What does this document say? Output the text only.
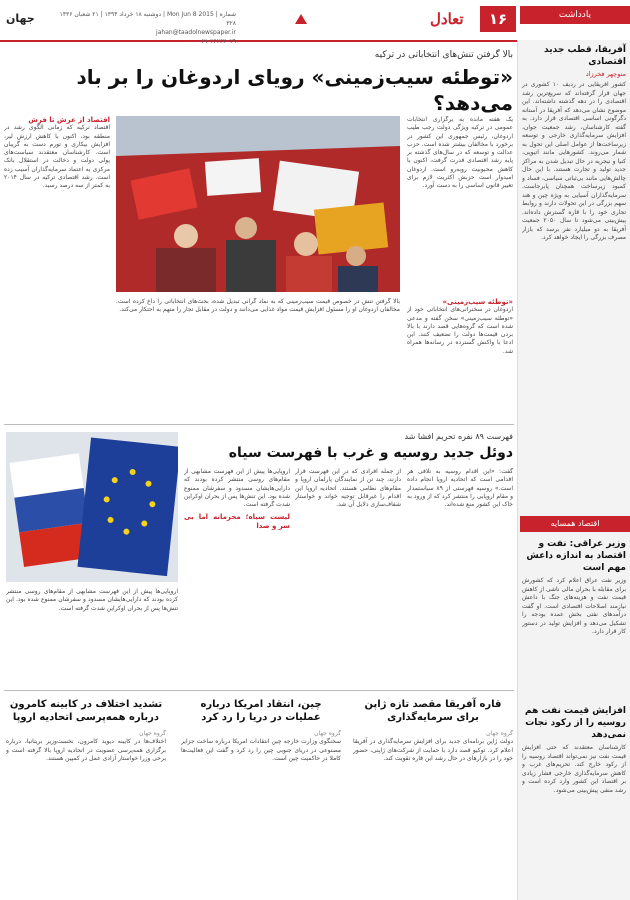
جهان	دوشنبه ۱۸ خرداد ۱۳۹۴ | ۲۱ شعبان ۱۴۳۶ | Mon Jun 8 2015 | شماره ۳۲۸
jahan@taadolnewspaper.ir
۰۲۱-۲۶۲۶۲۰۷۹
تعادل	۱۶	یادداشت
آفریقا، قطب جدید اقتصادی
منوچهر فخرزاد
کشور آفریقایی در ردیف ۱۰ کشوری در جهان قرار گرفته‌اند که سریع‌ترین رشد اقتصادی را در دهه گذشته داشته‌اند. این موضوع نشان می‌دهد که آفریقا در آستانه دگرگونی اساسی اقتصادی قرار دارد. به گفته کارشناسان، رشد جمعیت جوان، افزایش سرمایه‌گذاری خارجی و توسعه زیرساخت‌ها از عوامل اصلی این تحول به شمار می‌روند. کشورهایی مانند اتیوپی، کنیا و نیجریه در حال تبدیل شدن به مراکز جدید تولید و تجارت هستند. با این حال چالش‌هایی مانند بی‌ثباتی سیاسی، فساد و کمبود زیرساخت همچنان پابرجاست. سرمایه‌گذاران آسیایی به ویژه چین و هند سهم بزرگی در این تحولات دارند و روابط تجاری خود را با قاره گسترش داده‌اند. پیش‌بینی می‌شود تا سال ۲۰۵۰ جمعیت آفریقا به دو میلیارد نفر برسد که بازار مصرف بزرگی را ایجاد خواهد کرد.
اقتصاد همسایه
وزیر عراقی: نفت و اقتصاد به اندازه داعش مهم است
وزیر نفت عراق اعلام کرد که کشورش برای مقابله با بحران مالی ناشی از کاهش قیمت نفت و هزینه‌های جنگ با داعش نیازمند اصلاحات اقتصادی است. او گفت درآمدهای نفتی بخش عمده بودجه را تشکیل می‌دهد و افزایش تولید در دستور کار قرار دارد.
افزایش قیمت نفت هم روسیه را از رکود نجات نمی‌دهد
کارشناسان معتقدند که حتی افزایش قیمت نفت نیز نمی‌تواند اقتصاد روسیه را از رکود خارج کند. تحریم‌های غرب و کاهش سرمایه‌گذاری خارجی فشار زیادی بر اقتصاد این کشور وارد کرده است و رشد منفی پیش‌بینی می‌شود.
بالا گرفتن تنش‌های انتخاباتی در ترکیه
«توطئه سیب‌زمینی» رویای اردوغان را بر باد می‌دهد؟
یک هفته مانده به برگزاری انتخابات عمومی در ترکیه ویژگی دولت رجب طیب اردوغان، رئیس جمهوری این کشور در برخورد با مخالفان بیشتر شده است. حزب عدالت و توسعه که در سال‌های گذشته بر پایه رشد اقتصادی قدرت گرفت، اکنون با کاهش محبوبیت روبه‌رو است. اردوغان امیدوار است حزبش اکثریت لازم برای تغییر قانون اساسی را به دست آورد.
اقتصاد از عرش تا فرش
اقتصاد ترکیه که زمانی الگوی رشد در منطقه بود، اکنون با کاهش ارزش لیر، افزایش بیکاری و تورم دست به گریبان است. کارشناسان معتقدند سیاست‌های پولی دولت و دخالت در استقلال بانک مرکزی به اعتماد سرمایه‌گذاران آسیب زده است. رشد اقتصادی ترکیه در سال ۲۰۱۴ به کمتر از سه درصد رسید.
بالا گرفتن تنش در خصوص قیمت سیب‌زمینی که به نماد گرانی تبدیل شده، بحث‌های انتخاباتی را داغ کرده است. مخالفان اردوغان او را مسئول افزایش قیمت مواد غذایی می‌دانند و دولت در مقابل تجار را متهم به احتکار می‌کند.
«توطئه سیب‌زمینی»
اردوغان در سخنرانی‌های انتخاباتی خود از «توطئه سیب‌زمینی» سخن گفته و مدعی شده است که گروه‌هایی قصد دارند با بالا بردن قیمت‌ها دولت را تضعیف کنند. این ادعا با واکنش گسترده در رسانه‌ها همراه شد.
فهرست ۸۹ نفره تحریم افشا شد
دوئل جدید روسیه و غرب با فهرست سیاه
گفت: «این اقدام روسیه به تلافی هر اقدامی است که اتحادیه اروپا انجام داده است.» روسیه فهرستی از ۸۹ سیاستمدار و مقام اروپایی را منتشر کرد که از ورود به خاک این کشور منع شده‌اند.
از جمله افرادی که در این فهرست قرار دارند، چند تن از نمایندگان پارلمان اروپا و مقام‌های نظامی هستند. اتحادیه اروپا این اقدام را غیرقابل توجیه خواند و خواستار شفاف‌سازی دلایل آن شد.
اروپایی‌ها پیش از این فهرست مشابهی از مقام‌های روسی منتشر کرده بودند که دارایی‌هایشان مسدود و سفرشان ممنوع شده بود. این تنش‌ها پس از بحران اوکراین شدت گرفته است.
لیست سیاه؛ محرمانه اما بی سر و صدا
اروپایی‌ها پیش از این فهرست مشابهی از مقام‌های روسی منتشر کرده بودند که دارایی‌هایشان مسدود و سفرشان ممنوع شده بود. این تنش‌ها پس از بحران اوکراین شدت گرفته است.
قاره آفریقا مقصد تازه ژاپن برای سرمایه‌گذاری
گروه جهان
دولت ژاپن برنامه‌ای جدید برای افزایش سرمایه‌گذاری در آفریقا اعلام کرد. توکیو قصد دارد با حمایت از شرکت‌های ژاپنی، حضور خود را در بازارهای در حال رشد این قاره تقویت کند.
چین، انتقاد امریکا درباره عملیات در دریا را رد کرد
گروه جهان
سخنگوی وزارت خارجه چین انتقادات امریکا درباره ساخت جزایر مصنوعی در دریای جنوبی چین را رد کرد و گفت این فعالیت‌ها کاملا در حاکمیت چین است.
تشدید اختلاف در کابینه کامرون درباره همه‌پرسی اتحادیه اروپا
گروه جهان
اختلاف‌ها در کابینه دیوید کامرون، نخست‌وزیر بریتانیا، درباره برگزاری همه‌پرسی عضویت در اتحادیه اروپا بالا گرفته است و برخی وزرا خواستار آزادی عمل در کمپین هستند.
